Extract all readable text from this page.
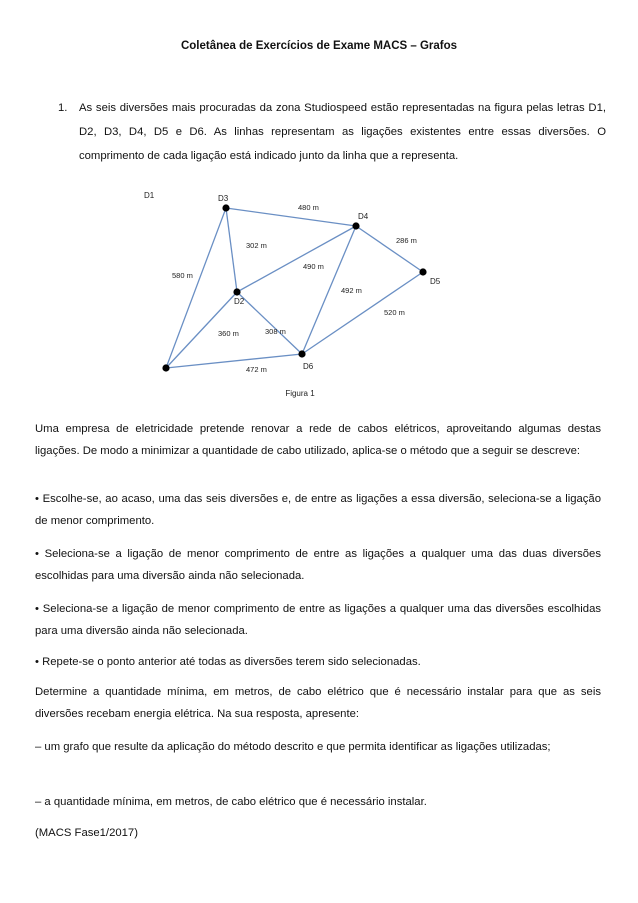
Coletânea de Exercícios de Exame MACS – Grafos
1. As seis diversões mais procuradas da zona Studiospeed estão representadas na figura pelas letras D1, D2, D3, D4, D5 e D6. As linhas representam as ligações existentes entre essas diversões. O comprimento de cada ligação está indicado junto da linha que a representa.
480 m
302 m
580 m
286 m
490 m
492 m
520 m
360 m	308 m
472 m
D1
D2
D3
D4
D5
D6
Figura 1
Uma empresa de eletricidade pretende renovar a rede de cabos elétricos, aproveitando algumas destas ligações. De modo a minimizar a quantidade de cabo utilizado, aplica-se o método que a seguir se descreve:
• Escolhe-se, ao acaso, uma das seis diversões e, de entre as ligações a essa diversão, seleciona-se a ligação de menor comprimento.
• Seleciona-se a ligação de menor comprimento de entre as ligações a qualquer uma das duas diversões escolhidas para uma diversão ainda não selecionada.
• Seleciona-se a ligação de menor comprimento de entre as ligações a qualquer uma das diversões escolhidas para uma diversão ainda não selecionada.
• Repete-se o ponto anterior até todas as diversões terem sido selecionadas.
Determine a quantidade mínima, em metros, de cabo elétrico que é necessário instalar para que as seis diversões recebam energia elétrica. Na sua resposta, apresente:
– um grafo que resulte da aplicação do método descrito e que permita identificar as ligações utilizadas;
– a quantidade mínima, em metros, de cabo elétrico que é necessário instalar.
(MACS Fase1/2017)
